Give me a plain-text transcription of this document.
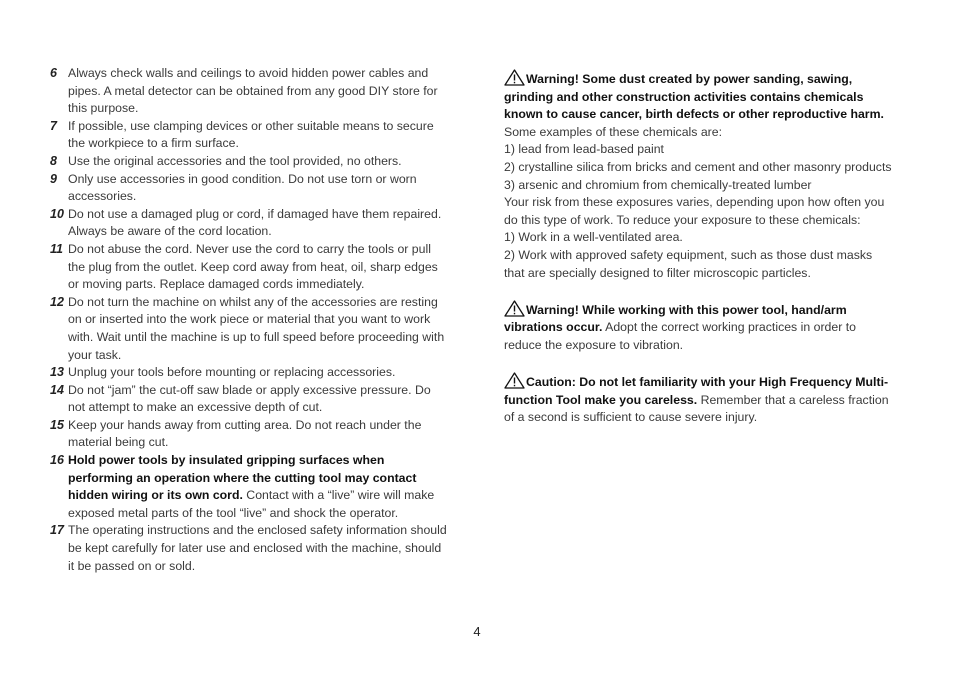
6 Always check walls and ceilings to avoid hidden power cables and pipes. A metal detector can be obtained from any good DIY store for this purpose.
7 If possible, use clamping devices or other suitable means to secure the workpiece to a firm surface.
8 Use the original accessories and the tool provided, no others.
9 Only use accessories in good condition. Do not use torn or worn accessories.
10 Do not use a damaged plug or cord, if damaged have them repaired. Always be aware of the cord location.
11 Do not abuse the cord. Never use the cord to carry the tools or pull the plug from the outlet. Keep cord away from heat, oil, sharp edges or moving parts. Replace damaged cords immediately.
12 Do not turn the machine on whilst any of the accessories are resting on or inserted into the work piece or material that you want to work with. Wait until the machine is up to full speed before proceeding with your task.
13 Unplug your tools before mounting or replacing accessories.
14 Do not “jam” the cut-off saw blade or apply excessive pressure. Do not attempt to make an excessive depth of cut.
15 Keep your hands away from cutting area. Do not reach under the material being cut.
16 Hold power tools by insulated gripping surfaces when performing an operation where the cutting tool may contact hidden wiring or its own cord. Contact with a “live” wire will make exposed metal parts of the tool “live” and shock the operator.
17 The operating instructions and the enclosed safety information should be kept carefully for later use and enclosed with the machine, should it be passed on or sold.

Warning! Some dust created by power sanding, sawing, grinding and other construction activities contains chemicals known to cause cancer, birth defects or other reproductive harm. Some examples of these chemicals are:

1) lead from lead-based paint

2) crystalline silica from bricks and cement and other masonry products

3) arsenic and chromium from chemically-treated lumber

Your risk from these exposures varies, depending upon how often you do this type of work. To reduce your exposure to these chemicals:

1) Work in a well-ventilated area.

2) Work with approved safety equipment, such as those dust masks that are specially designed to filter microscopic particles.

Warning! While working with this power tool, hand/arm vibrations occur. Adopt the correct working practices in order to reduce the exposure to vibration.

Caution: Do not let familiarity with your High Frequency Multi-function Tool make you careless. Remember that a careless fraction of a second is sufficient to cause severe injury.

4
